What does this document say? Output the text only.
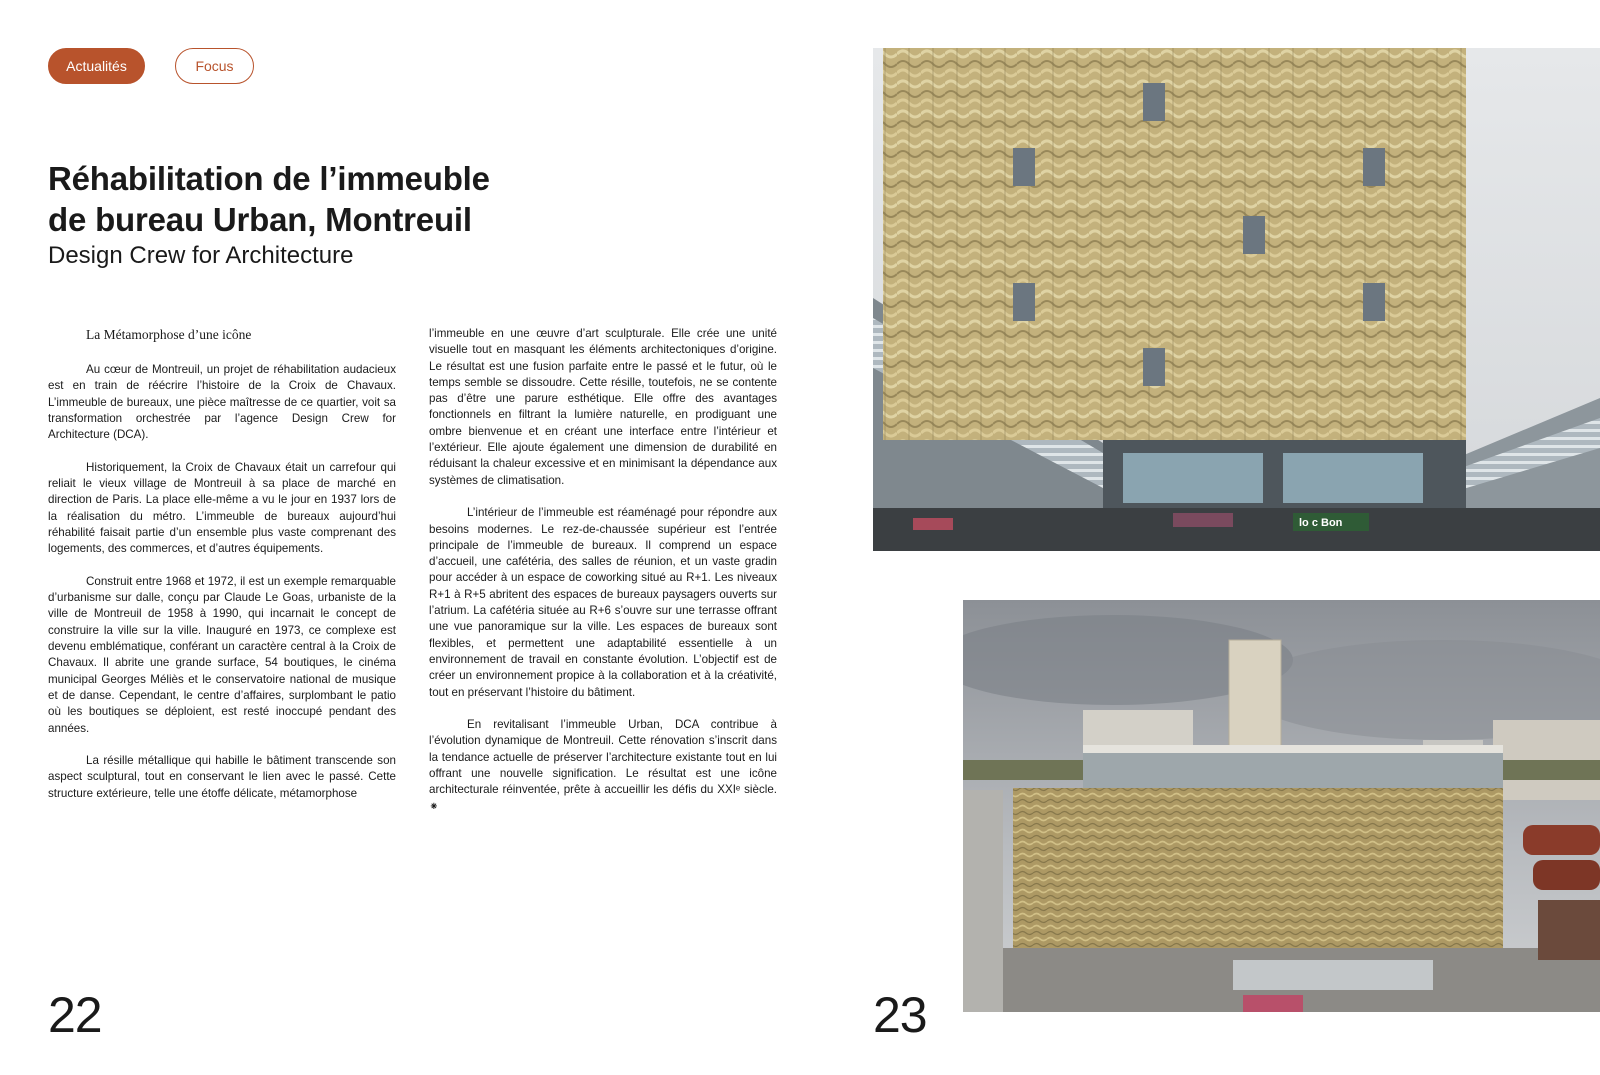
Actualités	Focus
Réhabilitation de l’immeuble
de bureau Urban, Montreuil
Design Crew for Architecture
La Métamorphose d’une icône

Au cœur de Montreuil, un projet de réhabilitation audacieux est en train de réécrire l’histoire de la Croix de Chavaux. L’immeuble de bureaux, une pièce maîtresse de ce quartier, voit sa transformation orchestrée par l’agence Design Crew for Architecture (DCA).

Historiquement, la Croix de Chavaux était un carrefour qui reliait le vieux village de Montreuil à sa place de marché en direction de Paris. La place elle-même a vu le jour en 1937 lors de la réalisation du métro. L’immeuble de bureaux aujourd’hui réhabilité faisait partie d’un ensemble plus vaste comprenant des logements, des commerces, et d’autres équipements.

Construit entre 1968 et 1972, il est un exemple remarquable d’urbanisme sur dalle, conçu par Claude Le Goas, urbaniste de la ville de Montreuil de 1958 à 1990, qui incarnait le concept de construire la ville sur la ville. Inauguré en 1973, ce complexe est devenu emblématique, conférant un caractère central à la Croix de Chavaux. Il abrite une grande surface, 54 boutiques, le cinéma municipal Georges Méliès et le conservatoire national de musique et de danse. Cependant, le centre d’affaires, surplombant le patio où les boutiques se déploient, est resté inoccupé pendant des années.

La résille métallique qui habille le bâtiment transcende son aspect sculptural, tout en conservant le lien avec le passé. Cette structure extérieure, telle une étoffe délicate, métamorphose

l’immeuble en une œuvre d’art sculpturale. Elle crée une unité visuelle tout en masquant les éléments architectoniques d’origine. Le résultat est une fusion parfaite entre le passé et le futur, où le temps semble se dissoudre. Cette résille, toutefois, ne se contente pas d’être une parure esthétique. Elle offre des avantages fonctionnels en filtrant la lumière naturelle, en prodiguant une ombre bienvenue et en créant une interface entre l’intérieur et l’extérieur. Elle ajoute également une dimension de durabilité en réduisant la chaleur excessive et en minimisant la dépendance aux systèmes de climatisation.

L’intérieur de l’immeuble est réaménagé pour répondre aux besoins modernes. Le rez-de-chaussée supérieur est l’entrée principale de l’immeuble de bureaux. Il comprend un espace d’accueil, une cafétéria, des salles de réunion, et un vaste gradin pour accéder à un espace de coworking situé au R+1. Les niveaux R+1 à R+5 abritent des espaces de bureaux paysagers ouverts sur l’atrium. La cafétéria située au R+6 s’ouvre sur une terrasse offrant une vue panoramique sur la ville. Les espaces de bureaux sont flexibles, et permettent une adaptabilité essentielle à un environnement de travail en constante évolution. L’objectif est de créer un environnement propice à la collaboration et à la créativité, tout en préservant l’histoire du bâtiment.

En revitalisant l’immeuble Urban, DCA contribue à l’évolution dynamique de Montreuil. Cette rénovation s’inscrit dans la tendance actuelle de préserver l’architecture existante tout en lui offrant une nouvelle signification. Le résultat est une icône architecturale réinventée, prête à accueillir les défis du XXIᵉ siècle. ⁕

22	23
lo c Bon
